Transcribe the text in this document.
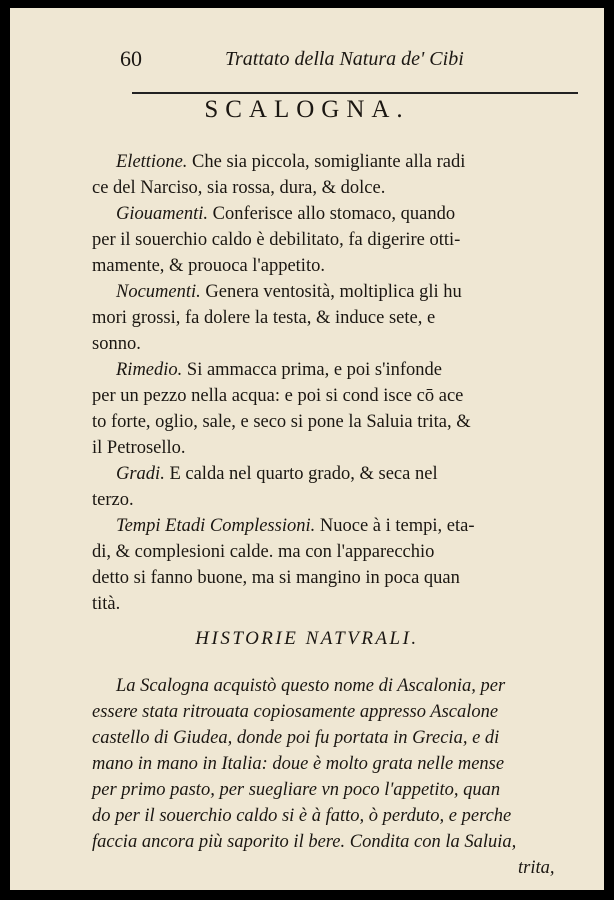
60	Trattato della Natura de' Cibi
SCALOGNA.
Elettione. Che sia piccola, somigliante alla radi
ce del Narciso, sia rossa, dura, & dolce.
Giouamenti. Conferisce allo stomaco, quando
per il souerchio caldo è debilitato, fa digerire otti-
mamente, & prouoca l'appetito.
Nocumenti. Genera ventosità, moltiplica gli hu
mori grossi, fa dolere la testa, & induce sete, e
sonno.
Rimedio. Si ammacca prima, e poi s'infonde
per un pezzo nella acqua: e poi si cond isce cō ace
to forte, oglio, sale, e seco si pone la Saluia trita, &
il Petrosello.
Gradi. E calda nel quarto grado, & seca nel
terzo.
Tempi Etadi Complessioni. Nuoce à i tempi, eta-
di, & complesioni calde. ma con l'apparecchio
detto si fanno buone, ma si mangino in poca quan
tità.
HISTORIE NATVRALI.
La Scalogna acquistò questo nome di Ascalonia, per
essere stata ritrouata copiosamente appresso Ascalone
castello di Giudea, donde poi fu portata in Grecia, e di
mano in mano in Italia: doue è molto grata nelle mense
per primo pasto, per suegliare vn poco l'appetito, quan
do per il souerchio caldo si è à fatto, ò perduto, e perche
faccia ancora più saporito il bere. Condita con la Saluia,
trita,
